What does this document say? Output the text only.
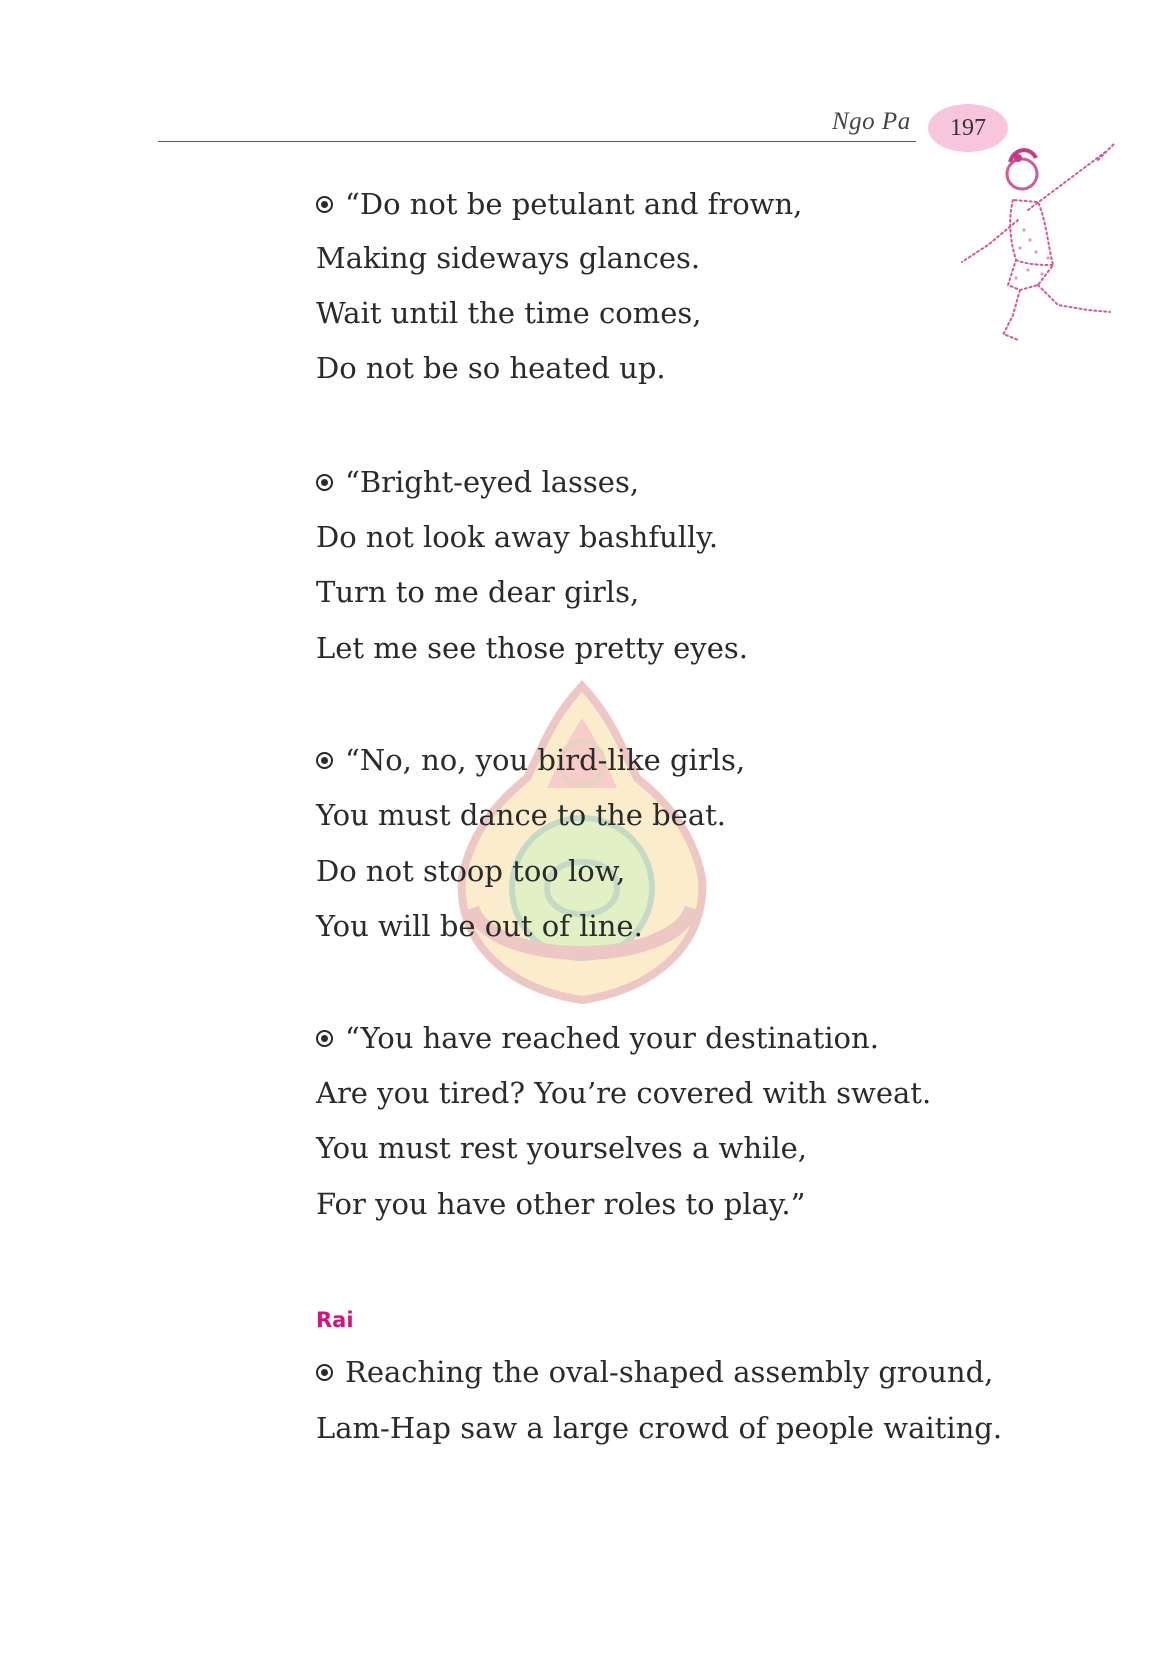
Ngo Pa 197
“Do not be petulant and frown,
Making sideways glances.
Wait until the time comes,
Do not be so heated up.
“Bright-eyed lasses,
Do not look away bashfully.
Turn to me dear girls,
Let me see those pretty eyes.
“No, no, you bird-like girls,
You must dance to the beat.
Do not stoop too low,
You will be out of line.
“You have reached your destination.
Are you tired? You’re covered with sweat.
You must rest yourselves a while,
For you have other roles to play.”
Reaching the oval-shaped assembly ground,
Lam-Hap saw a large crowd of people waiting.
Rai
